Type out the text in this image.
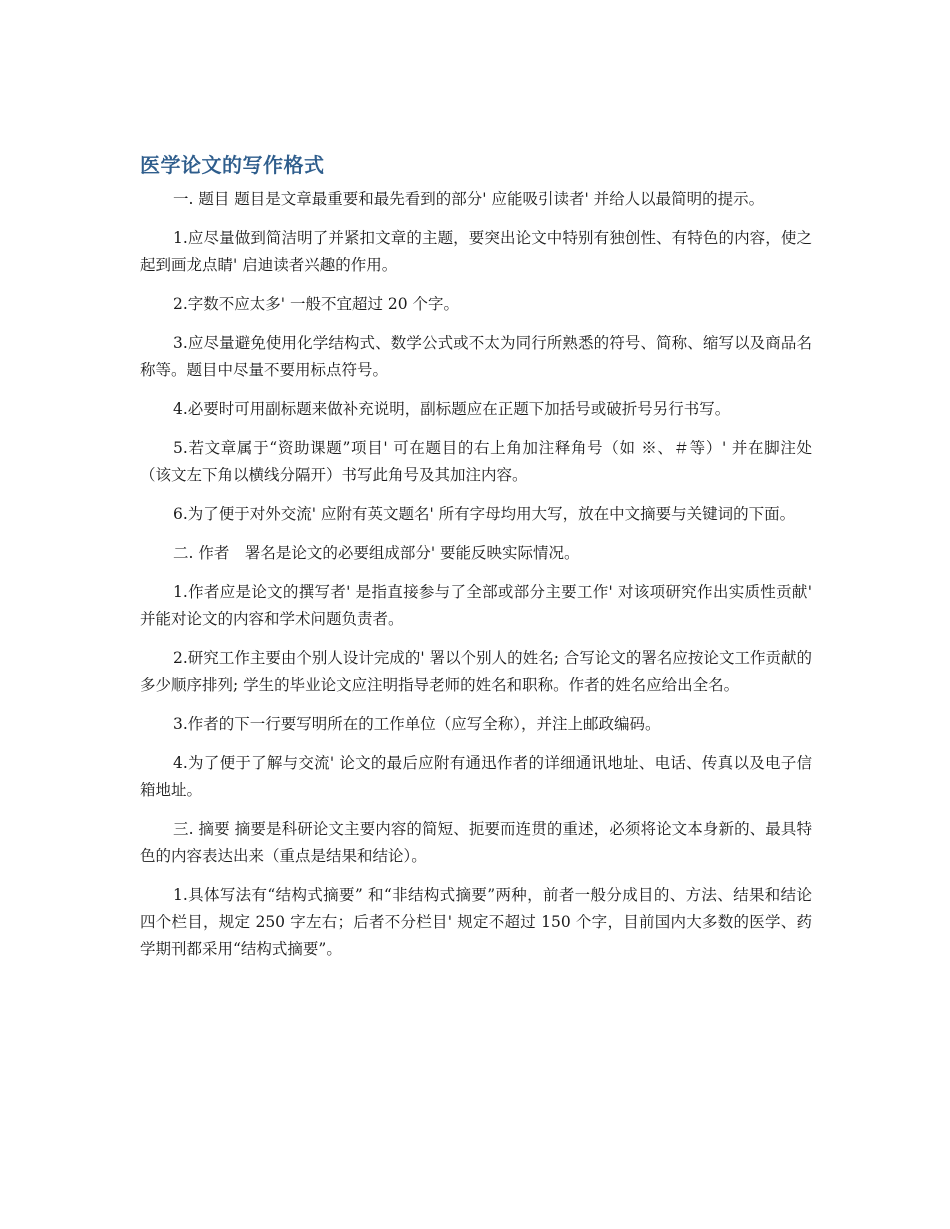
医学论文的写作格式

一. 题目 题目是文章最重要和最先看到的部分' 应能吸引读者' 并给人以最简明的提示。

1.应尽量做到简洁明了并紧扣文章的主题，要突出论文中特别有独创性、有特色的内容，使之起到画龙点睛' 启迪读者兴趣的作用。

2.字数不应太多' 一般不宜超过 20 个字。

3.应尽量避免使用化学结构式、数学公式或不太为同行所熟悉的符号、简称、缩写以及商品名称等。题目中尽量不要用标点符号。

4.必要时可用副标题来做补充说明，副标题应在正题下加括号或破折号另行书写。

5.若文章属于“资助课题”项目' 可在题目的右上角加注释角号（如 ※、＃等）' 并在脚注处（该文左下角以横线分隔开）书写此角号及其加注内容。

6.为了便于对外交流' 应附有英文题名' 所有字母均用大写，放在中文摘要与关键词的下面。

二. 作者　署名是论文的必要组成部分' 要能反映实际情况。

1.作者应是论文的撰写者' 是指直接参与了全部或部分主要工作' 对该项研究作出实质性贡献' 并能对论文的内容和学术问题负责者。

2.研究工作主要由个别人设计完成的' 署以个别人的姓名; 合写论文的署名应按论文工作贡献的多少顺序排列; 学生的毕业论文应注明指导老师的姓名和职称。作者的姓名应给出全名。

3.作者的下一行要写明所在的工作单位（应写全称），并注上邮政编码。

4.为了便于了解与交流' 论文的最后应附有通迅作者的详细通讯地址、电话、传真以及电子信箱地址。

三. 摘要 摘要是科研论文主要内容的简短、扼要而连贯的重述，必须将论文本身新的、最具特色的内容表达出来（重点是结果和结论）。

1.具体写法有“结构式摘要” 和“非结构式摘要”两种，前者一般分成目的、方法、结果和结论四个栏目，规定 250 字左右；后者不分栏目' 规定不超过 150 个字，目前国内大多数的医学、药学期刊都采用“结构式摘要”。
